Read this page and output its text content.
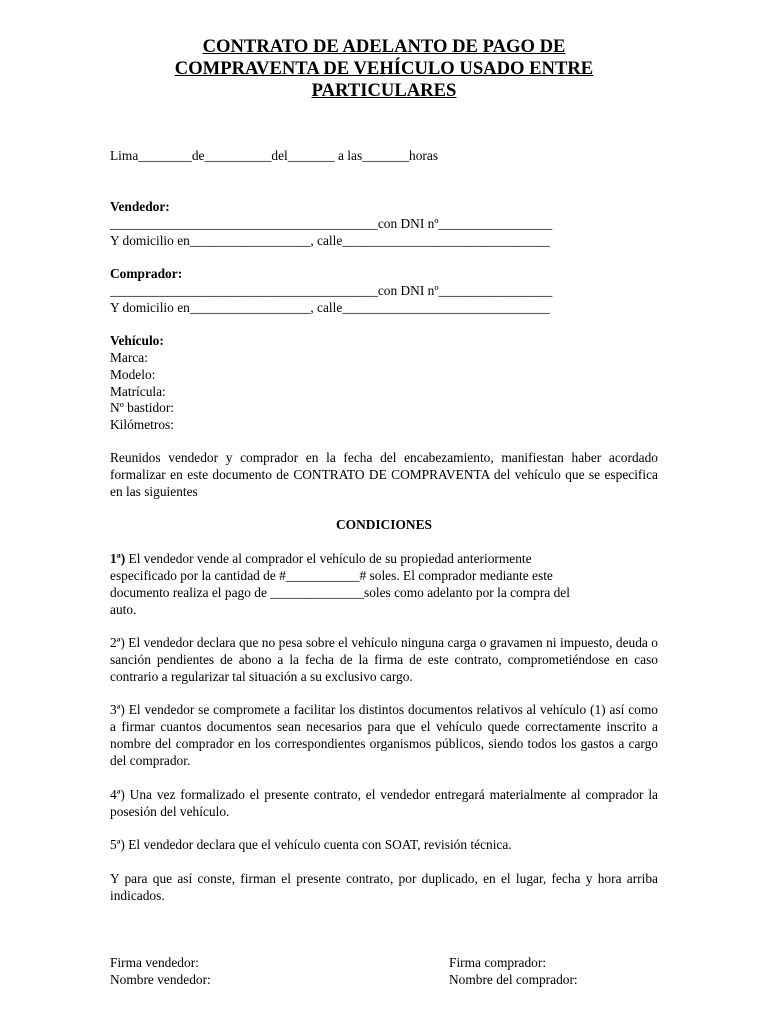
CONTRATO DE ADELANTO DE PAGO DE
COMPRAVENTA DE VEHÍCULO USADO ENTRE
PARTICULARES
Lima________de__________del_______ a las_______horas
Vendedor:
________________________________________con DNI nº_________________
Y domicilio en__________________, calle_______________________________
Comprador:
________________________________________con DNI nº_________________
Y domicilio en__________________, calle_______________________________
Vehículo:
Marca:
Modelo:
Matrícula:
Nº bastidor:
Kilómetros:
Reunidos vendedor y comprador en la fecha del encabezamiento, manifiestan haber acordado formalizar en este documento de CONTRATO DE COMPRAVENTA del vehículo que se especifica en las siguientes
CONDICIONES
1ª) El vendedor vende al comprador el vehículo de su propiedad anteriormente
especificado por la cantidad de #___________# soles. El comprador mediante este
documento realiza el pago de ______________soles como adelanto por la compra del
auto.
2ª) El vendedor declara que no pesa sobre el vehículo ninguna carga o gravamen ni impuesto, deuda o sanción pendientes de abono a la fecha de la firma de este contrato, comprometiéndose en caso contrario a regularizar tal situación a su exclusivo cargo.
3ª) El vendedor se compromete a facilitar los distintos documentos relativos al vehículo (1) así como a firmar cuantos documentos sean necesarios para que el vehículo quede correctamente inscrito a nombre del comprador en los correspondientes organismos públicos, siendo todos los gastos a cargo del comprador.
4ª) Una vez formalizado el presente contrato, el vendedor entregará materialmente al comprador la posesión del vehículo.
5ª) El vendedor declara que el vehículo cuenta con SOAT, revisión técnica.
Y para que así conste, firman el presente contrato, por duplicado, en el lugar, fecha y hora arriba indicados.
Firma vendedor:
Nombre vendedor:
Firma comprador:
Nombre del comprador:
